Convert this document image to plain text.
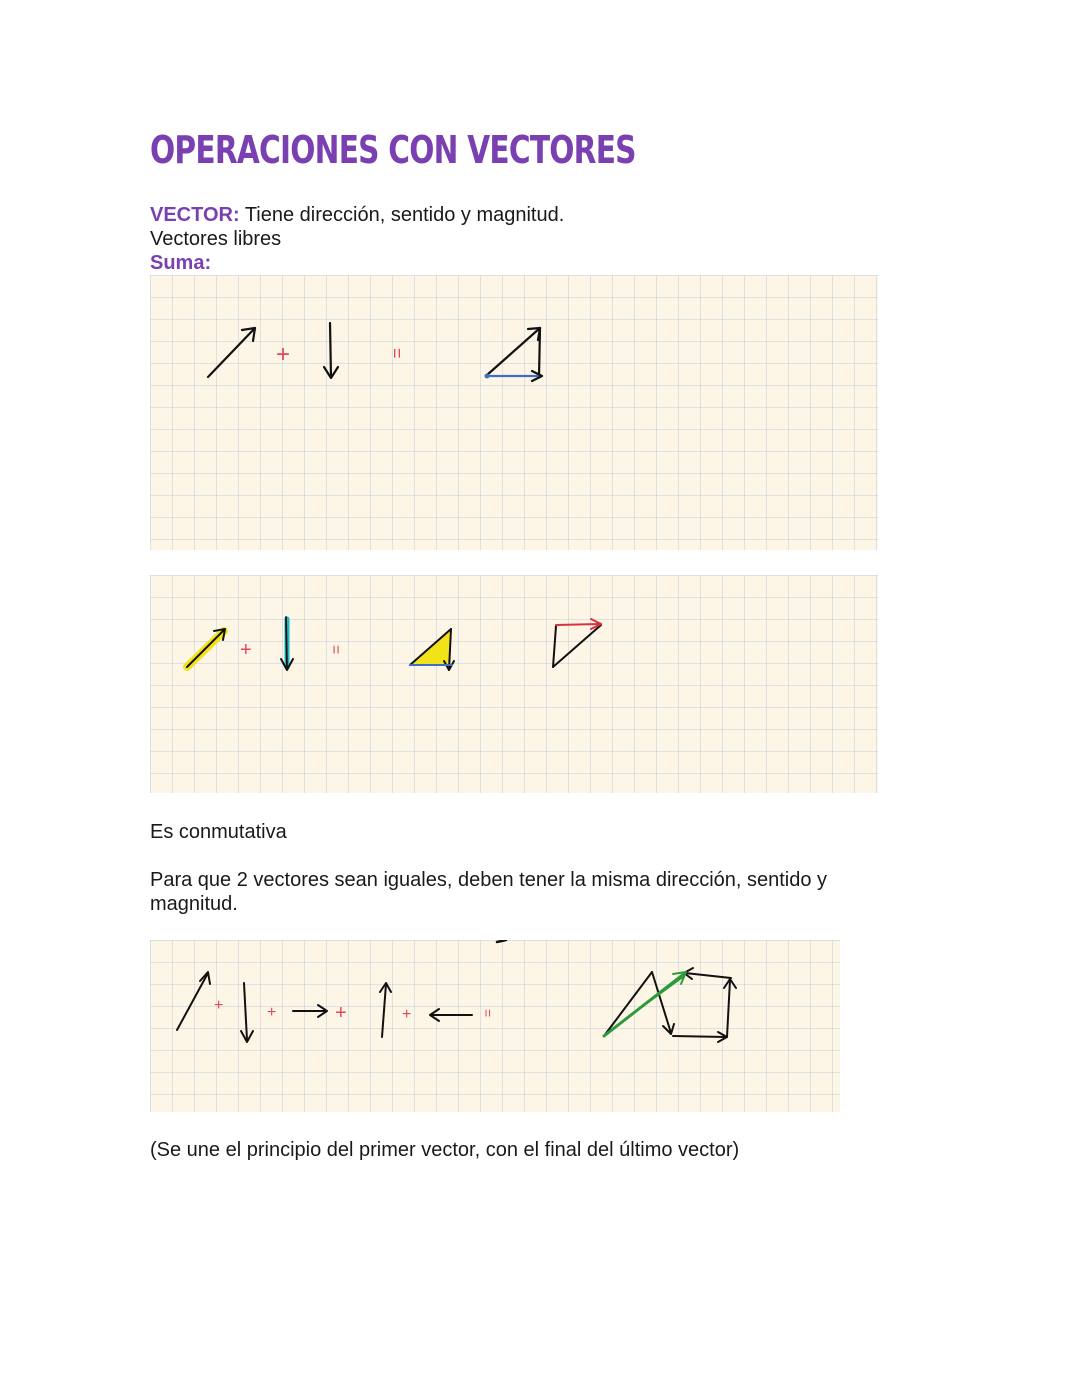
OPERACIONES CON VECTORES
VECTOR: Tiene dirección, sentido y magnitud.
Vectores libres
Suma:
+	=
+	=
Es conmutativa
Para que 2 vectores sean iguales, deben tener la misma dirección, sentido y magnitud.
+	+	+	+	=
(Se une el principio del primer vector, con el final del último vector)
